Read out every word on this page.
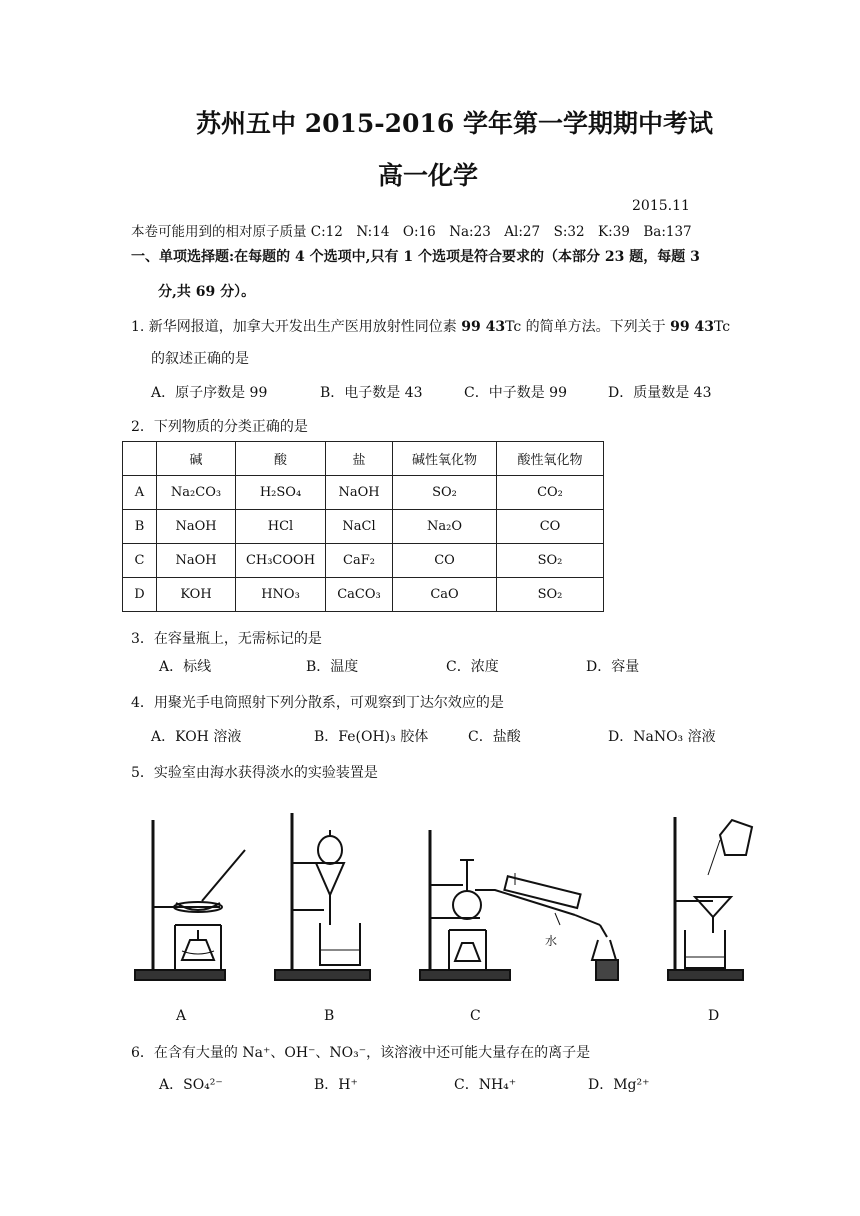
苏州五中 2015-2016 学年第一学期期中考试
高一化学
2015.11
本卷可能用到的相对原子质量 C:12　N:14　O:16　Na:23　Al:27　S:32　K:39　Ba:137
一、单项选择题:在每题的 4 个选项中,只有 1 个选项是符合要求的（本部分 23 题，每题 3
分,共 69 分）。
1. 新华网报道，加拿大开发出生产医用放射性同位素 99 43Tc 的简单方法。下列关于 99 43Tc
的叙述正确的是
A．原子序数是 99	B．电子数是 43	C．中子数是 99	D．质量数是 43
2．下列物质的分类正确的是
	碱	酸	盐	碱性氧化物	酸性氧化物
A	Na₂CO₃	H₂SO₄	NaOH	SO₂	CO₂
B	NaOH	HCl	NaCl	Na₂O	CO
C	NaOH	CH₃COOH	CaF₂	CO	SO₂
D	KOH	HNO₃	CaCO₃	CaO	SO₂
3．在容量瓶上，无需标记的是
A．标线	B．温度	C．浓度	D．容量
4．用聚光手电筒照射下列分散系，可观察到丁达尔效应的是
A．KOH 溶液	B．Fe(OH)₃ 胶体	C．盐酸	D．NaNO₃ 溶液
5．实验室由海水获得淡水的实验装置是
水
A	B	C	D
6．在含有大量的 Na⁺、OH⁻、NO₃⁻，该溶液中还可能大量存在的离子是
A．SO₄²⁻	B．H⁺	C．NH₄⁺	D．Mg²⁺
